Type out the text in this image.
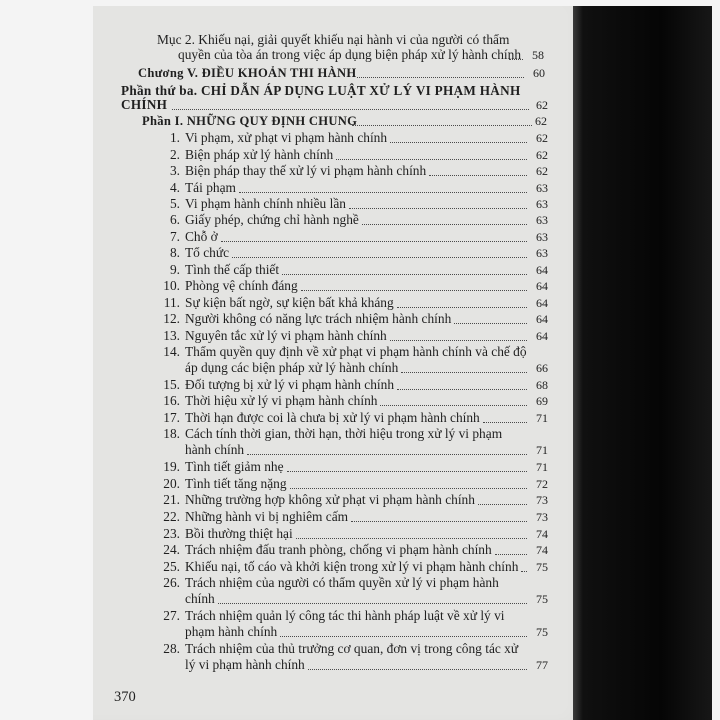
Mục 2. Khiếu nại, giải quyết khiếu nại hành vi của người có thẩm
quyền của tòa án trong việc áp dụng biện pháp xử lý hành chính 58
Chương V. ĐIỀU KHOẢN THI HÀNH	60
Phần thứ ba. CHỈ DẪN ÁP DỤNG LUẬT XỬ LÝ VI PHẠM HÀNH
CHÍNH	62
Phần I. NHỮNG QUY ĐỊNH CHUNG	62
1. Vi phạm, xử phạt vi phạm hành chính	62
2. Biện pháp xử lý hành chính	62
3. Biện pháp thay thế xử lý vi phạm hành chính	62
4. Tái phạm	63
5. Vi phạm hành chính nhiều lần	63
6. Giấy phép, chứng chỉ hành nghề	63
7. Chỗ ở	63
8. Tổ chức	63
9. Tình thế cấp thiết	64
10. Phòng vệ chính đáng	64
11. Sự kiện bất ngờ, sự kiện bất khả kháng	64
12. Người không có năng lực trách nhiệm hành chính	64
13. Nguyên tắc xử lý vi phạm hành chính	64
14. Thẩm quyền quy định về xử phạt vi phạm hành chính và chế độ
áp dụng các biện pháp xử lý hành chính	66
15. Đối tượng bị xử lý vi phạm hành chính	68
16. Thời hiệu xử lý vi phạm hành chính	69
17. Thời hạn được coi là chưa bị xử lý vi phạm hành chính	71
18. Cách tính thời gian, thời hạn, thời hiệu trong xử lý vi phạm
hành chính	71
19. Tình tiết giảm nhẹ	71
20. Tình tiết tăng nặng	72
21. Những trường hợp không xử phạt vi phạm hành chính	73
22. Những hành vi bị nghiêm cấm	73
23. Bồi thường thiệt hại	74
24. Trách nhiệm đấu tranh phòng, chống vi phạm hành chính	74
25. Khiếu nại, tố cáo và khởi kiện trong xử lý vi phạm hành chính	75
26. Trách nhiệm của người có thẩm quyền xử lý vi phạm hành
chính	75
27. Trách nhiệm quản lý công tác thi hành pháp luật về xử lý vi
phạm hành chính	75
28. Trách nhiệm của thủ trưởng cơ quan, đơn vị trong công tác xử
lý vi phạm hành chính	77
370
